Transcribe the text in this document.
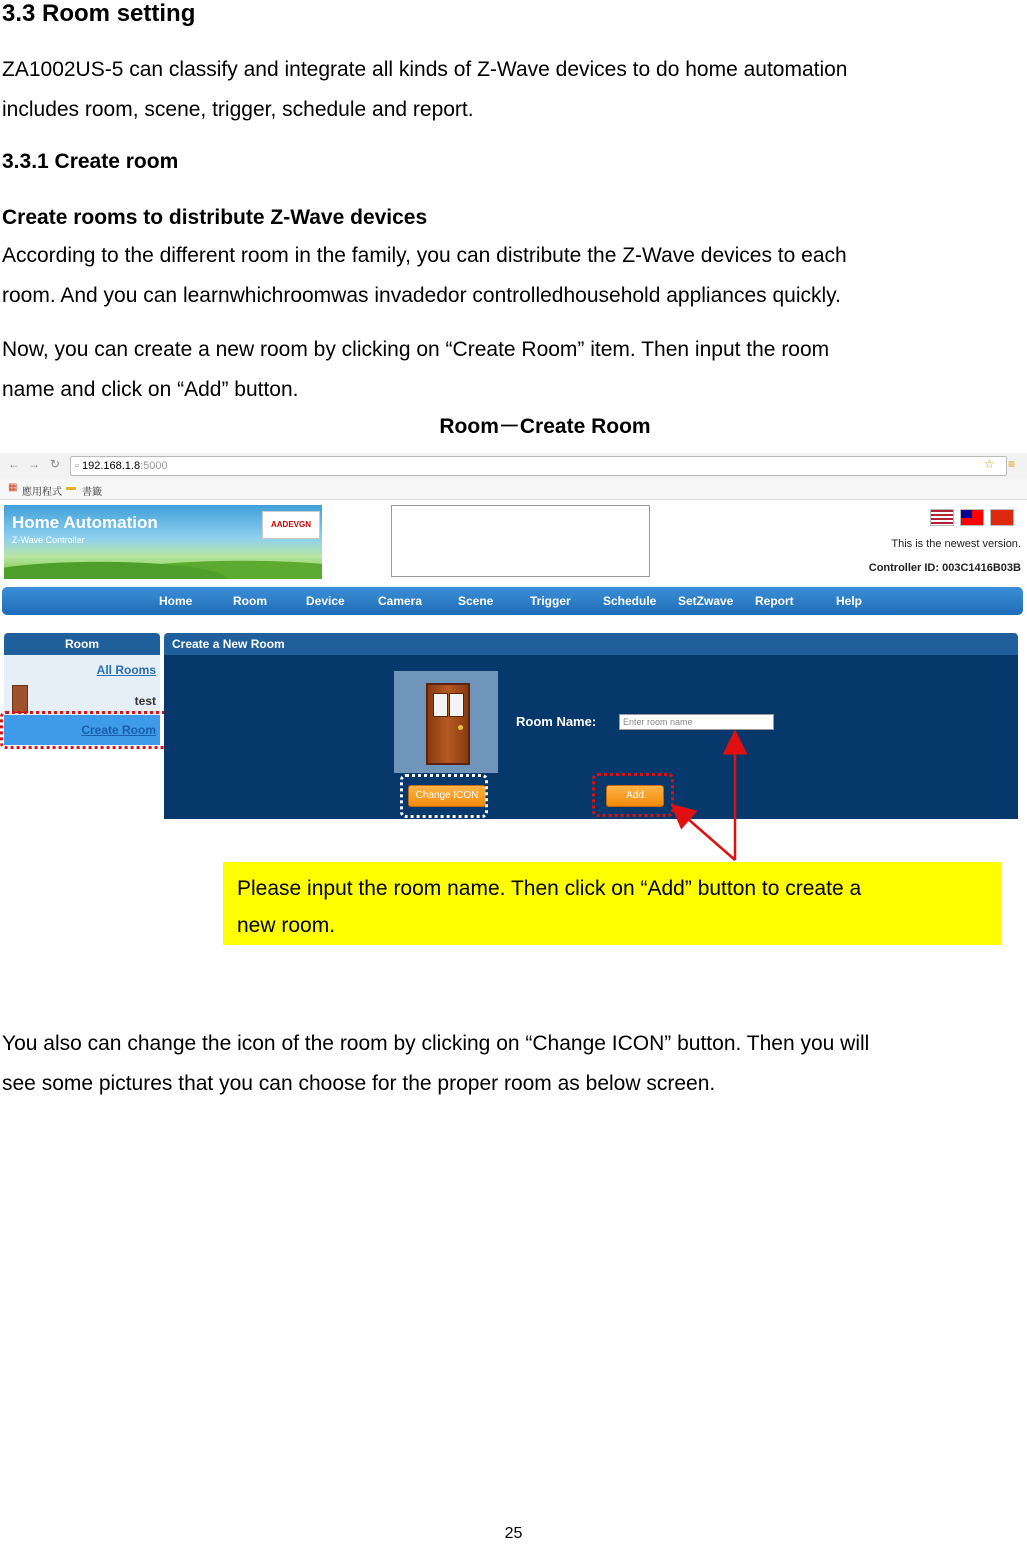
3.3 Room setting
ZA1002US-5 can classify and integrate all kinds of Z-Wave devices to do home automation
includes room, scene, trigger, schedule and report.
3.3.1 Create room
Create rooms to distribute Z-Wave devices
According to the different room in the family, you can distribute the Z-Wave devices to each
room. And you can learnwhichroomwas invadedor controlledhousehold appliances quickly.
Now, you can create a new room by clicking on “Create Room” item. Then input the room
name and click on “Add” button.
Room－Create Room
← → ↻	▫ 192.168.1.8:5000	☆ ≡
▦ 應用程式 ▬ 書籤
Home Automation
Z-Wave Controller
AADEVGN
This is the newest version.
Controller ID: 003C1416B03B
Home	Room	Device	Camera	Scene	Trigger	Schedule SetZwave Report	Help
Room
All Rooms
test
Create Room
Create a New Room
Room Name:	Enter room name
Change ICON	Add
Please input the room name. Then click on “Add” button to create a
new room.
You also can change the icon of the room by clicking on “Change ICON” button. Then you will
see some pictures that you can choose for the proper room as below screen.
25
